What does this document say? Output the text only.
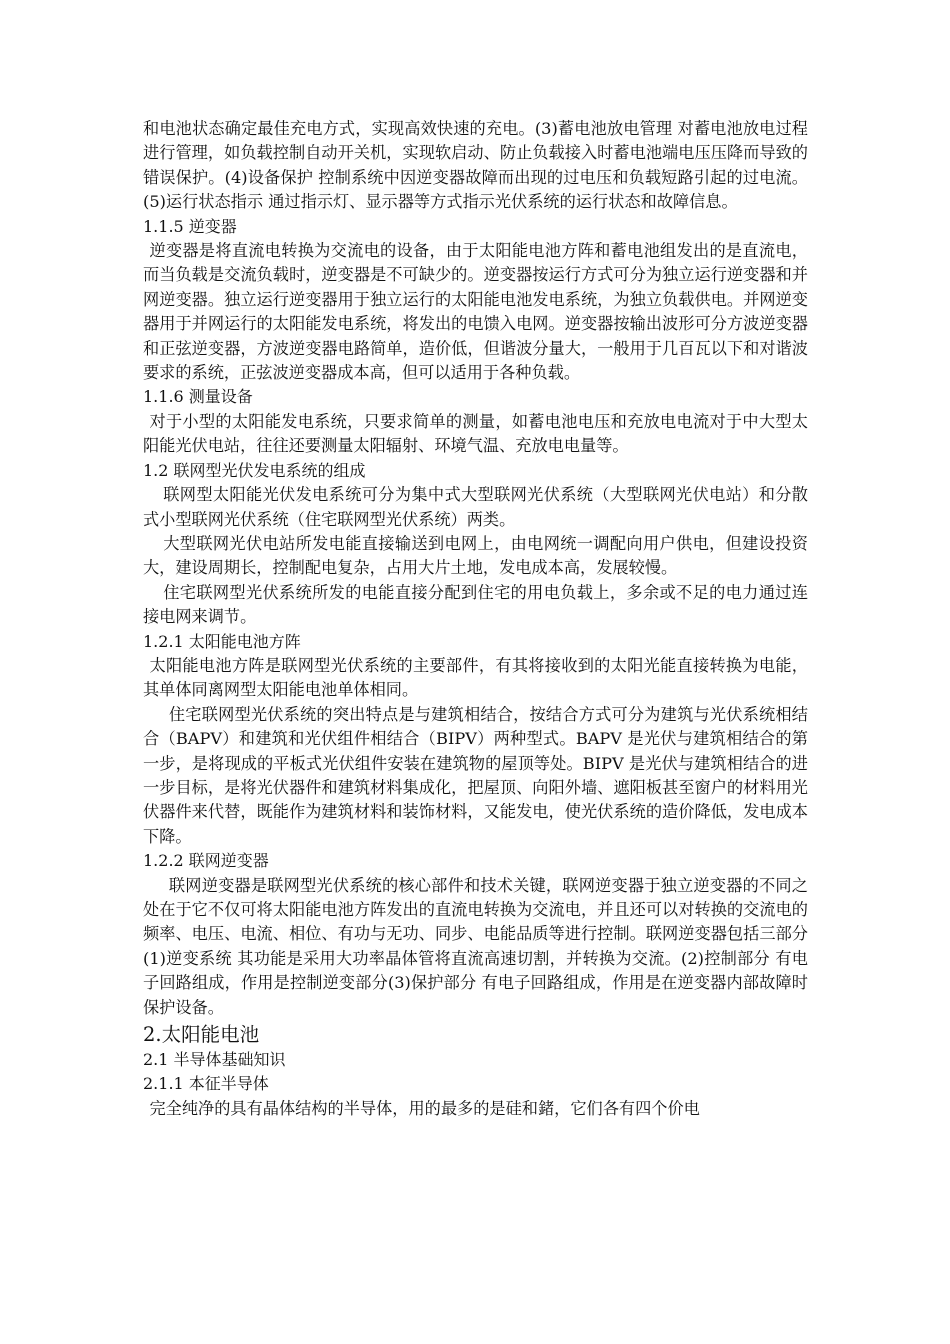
和电池状态确定最佳充电方式，实现高效快速的充电。(3)蓄电池放电管理 对蓄电池放电过程进行管理，如负载控制自动开关机，实现软启动、防止负载接入时蓄电池端电压压降而导致的错误保护。(4)设备保护 控制系统中因逆变器故障而出现的过电压和负载短路引起的过电流。(5)运行状态指示 通过指示灯、显示器等方式指示光伏系统的运行状态和故障信息。

1.1.5 逆变器

逆变器是将直流电转换为交流电的设备，由于太阳能电池方阵和蓄电池组发出的是直流电，而当负载是交流负载时，逆变器是不可缺少的。逆变器按运行方式可分为独立运行逆变器和并网逆变器。独立运行逆变器用于独立运行的太阳能电池发电系统，为独立负载供电。并网逆变器用于并网运行的太阳能发电系统，将发出的电馈入电网。逆变器按输出波形可分方波逆变器和正弦逆变器，方波逆变器电路简单，造价低，但谐波分量大，一般用于几百瓦以下和对谐波要求的系统，正弦波逆变器成本高，但可以适用于各种负载。

1.1.6 测量设备

对于小型的太阳能发电系统，只要求简单的测量，如蓄电池电压和充放电电流对于中大型太阳能光伏电站，往往还要测量太阳辐射、环境气温、充放电电量等。

1.2 联网型光伏发电系统的组成

联网型太阳能光伏发电系统可分为集中式大型联网光伏系统（大型联网光伏电站）和分散式小型联网光伏系统（住宅联网型光伏系统）两类。

大型联网光伏电站所发电能直接输送到电网上，由电网统一调配向用户供电，但建设投资大，建设周期长，控制配电复杂，占用大片土地，发电成本高，发展较慢。

住宅联网型光伏系统所发的电能直接分配到住宅的用电负载上，多余或不足的电力通过连接电网来调节。

1.2.1 太阳能电池方阵

太阳能电池方阵是联网型光伏系统的主要部件，有其将接收到的太阳光能直接转换为电能，其单体同离网型太阳能电池单体相同。

住宅联网型光伏系统的突出特点是与建筑相结合，按结合方式可分为建筑与光伏系统相结合（BAPV）和建筑和光伏组件相结合（BIPV）两种型式。BAPV 是光伏与建筑相结合的第一步，是将现成的平板式光伏组件安装在建筑物的屋顶等处。BIPV 是光伏与建筑相结合的进一步目标，是将光伏器件和建筑材料集成化，把屋顶、向阳外墙、遮阳板甚至窗户的材料用光伏器件来代替，既能作为建筑材料和装饰材料，又能发电，使光伏系统的造价降低，发电成本下降。

1.2.2 联网逆变器

联网逆变器是联网型光伏系统的核心部件和技术关键，联网逆变器于独立逆变器的不同之处在于它不仅可将太阳能电池方阵发出的直流电转换为交流电，并且还可以对转换的交流电的频率、电压、电流、相位、有功与无功、同步、电能品质等进行控制。联网逆变器包括三部分(1)逆变系统 其功能是采用大功率晶体管将直流高速切割，并转换为交流。(2)控制部分 有电子回路组成，作用是控制逆变部分(3)保护部分 有电子回路组成，作用是在逆变器内部故障时保护设备。

2.太阳能电池
2.1 半导体基础知识
2.1.1 本征半导体

完全纯净的具有晶体结构的半导体，用的最多的是硅和鍺，它们各有四个价电
